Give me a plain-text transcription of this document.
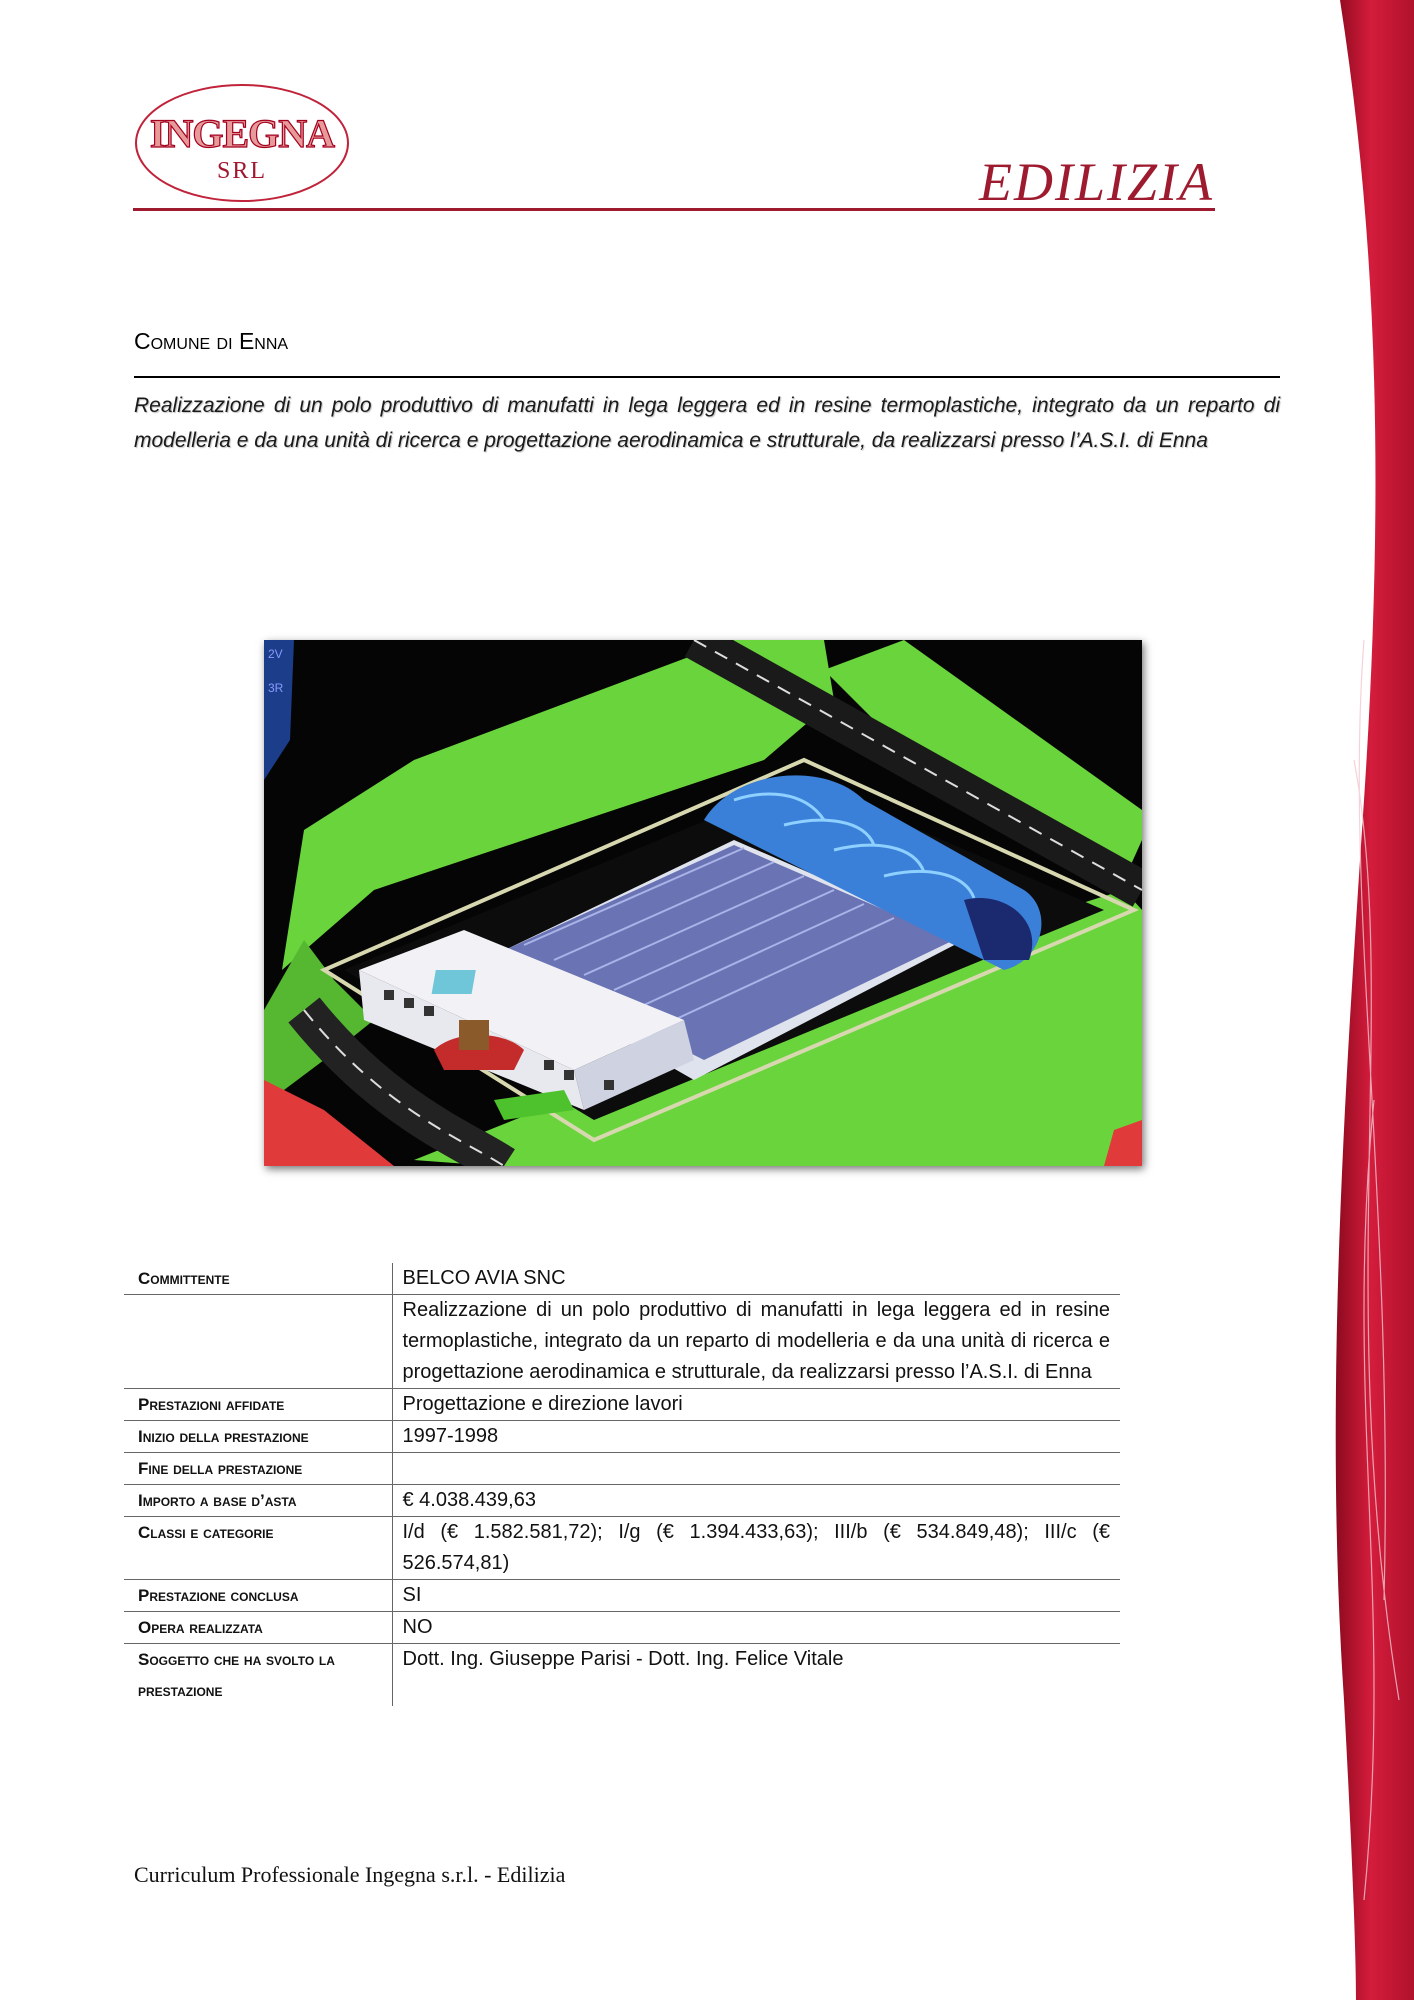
INGEGNA
SRL	EDILIZIA
Comune di Enna
Realizzazione di un polo produttivo di manufatti in lega leggera ed in resine termoplastiche, integrato da un reparto di modelleria e da una unità di ricerca e progettazione aerodinamica e strutturale, da realizzarsi presso l’A.S.I. di Enna
2V
3R
Committente	BELCO AVIA SNC
	Realizzazione di un polo produttivo di manufatti in lega leggera ed in resine termoplastiche, integrato da un reparto di modelleria e da una unità di ricerca e progettazione aerodinamica e strutturale, da realizzarsi presso l’A.S.I. di Enna
Prestazioni affidate	Progettazione e direzione lavori
Inizio della prestazione	1997-1998
Fine della prestazione	
Importo a base d’asta	€ 4.038.439,63
Classi e categorie	I/d (€ 1.582.581,72); I/g (€ 1.394.433,63); III/b (€ 534.849,48); III/c (€ 526.574,81)
Prestazione conclusa	SI
Opera realizzata	NO
Soggetto che ha svolto la prestazione	Dott. Ing. Giuseppe Parisi - Dott. Ing. Felice Vitale
Curriculum Professionale Ingegna s.r.l. - Edilizia
